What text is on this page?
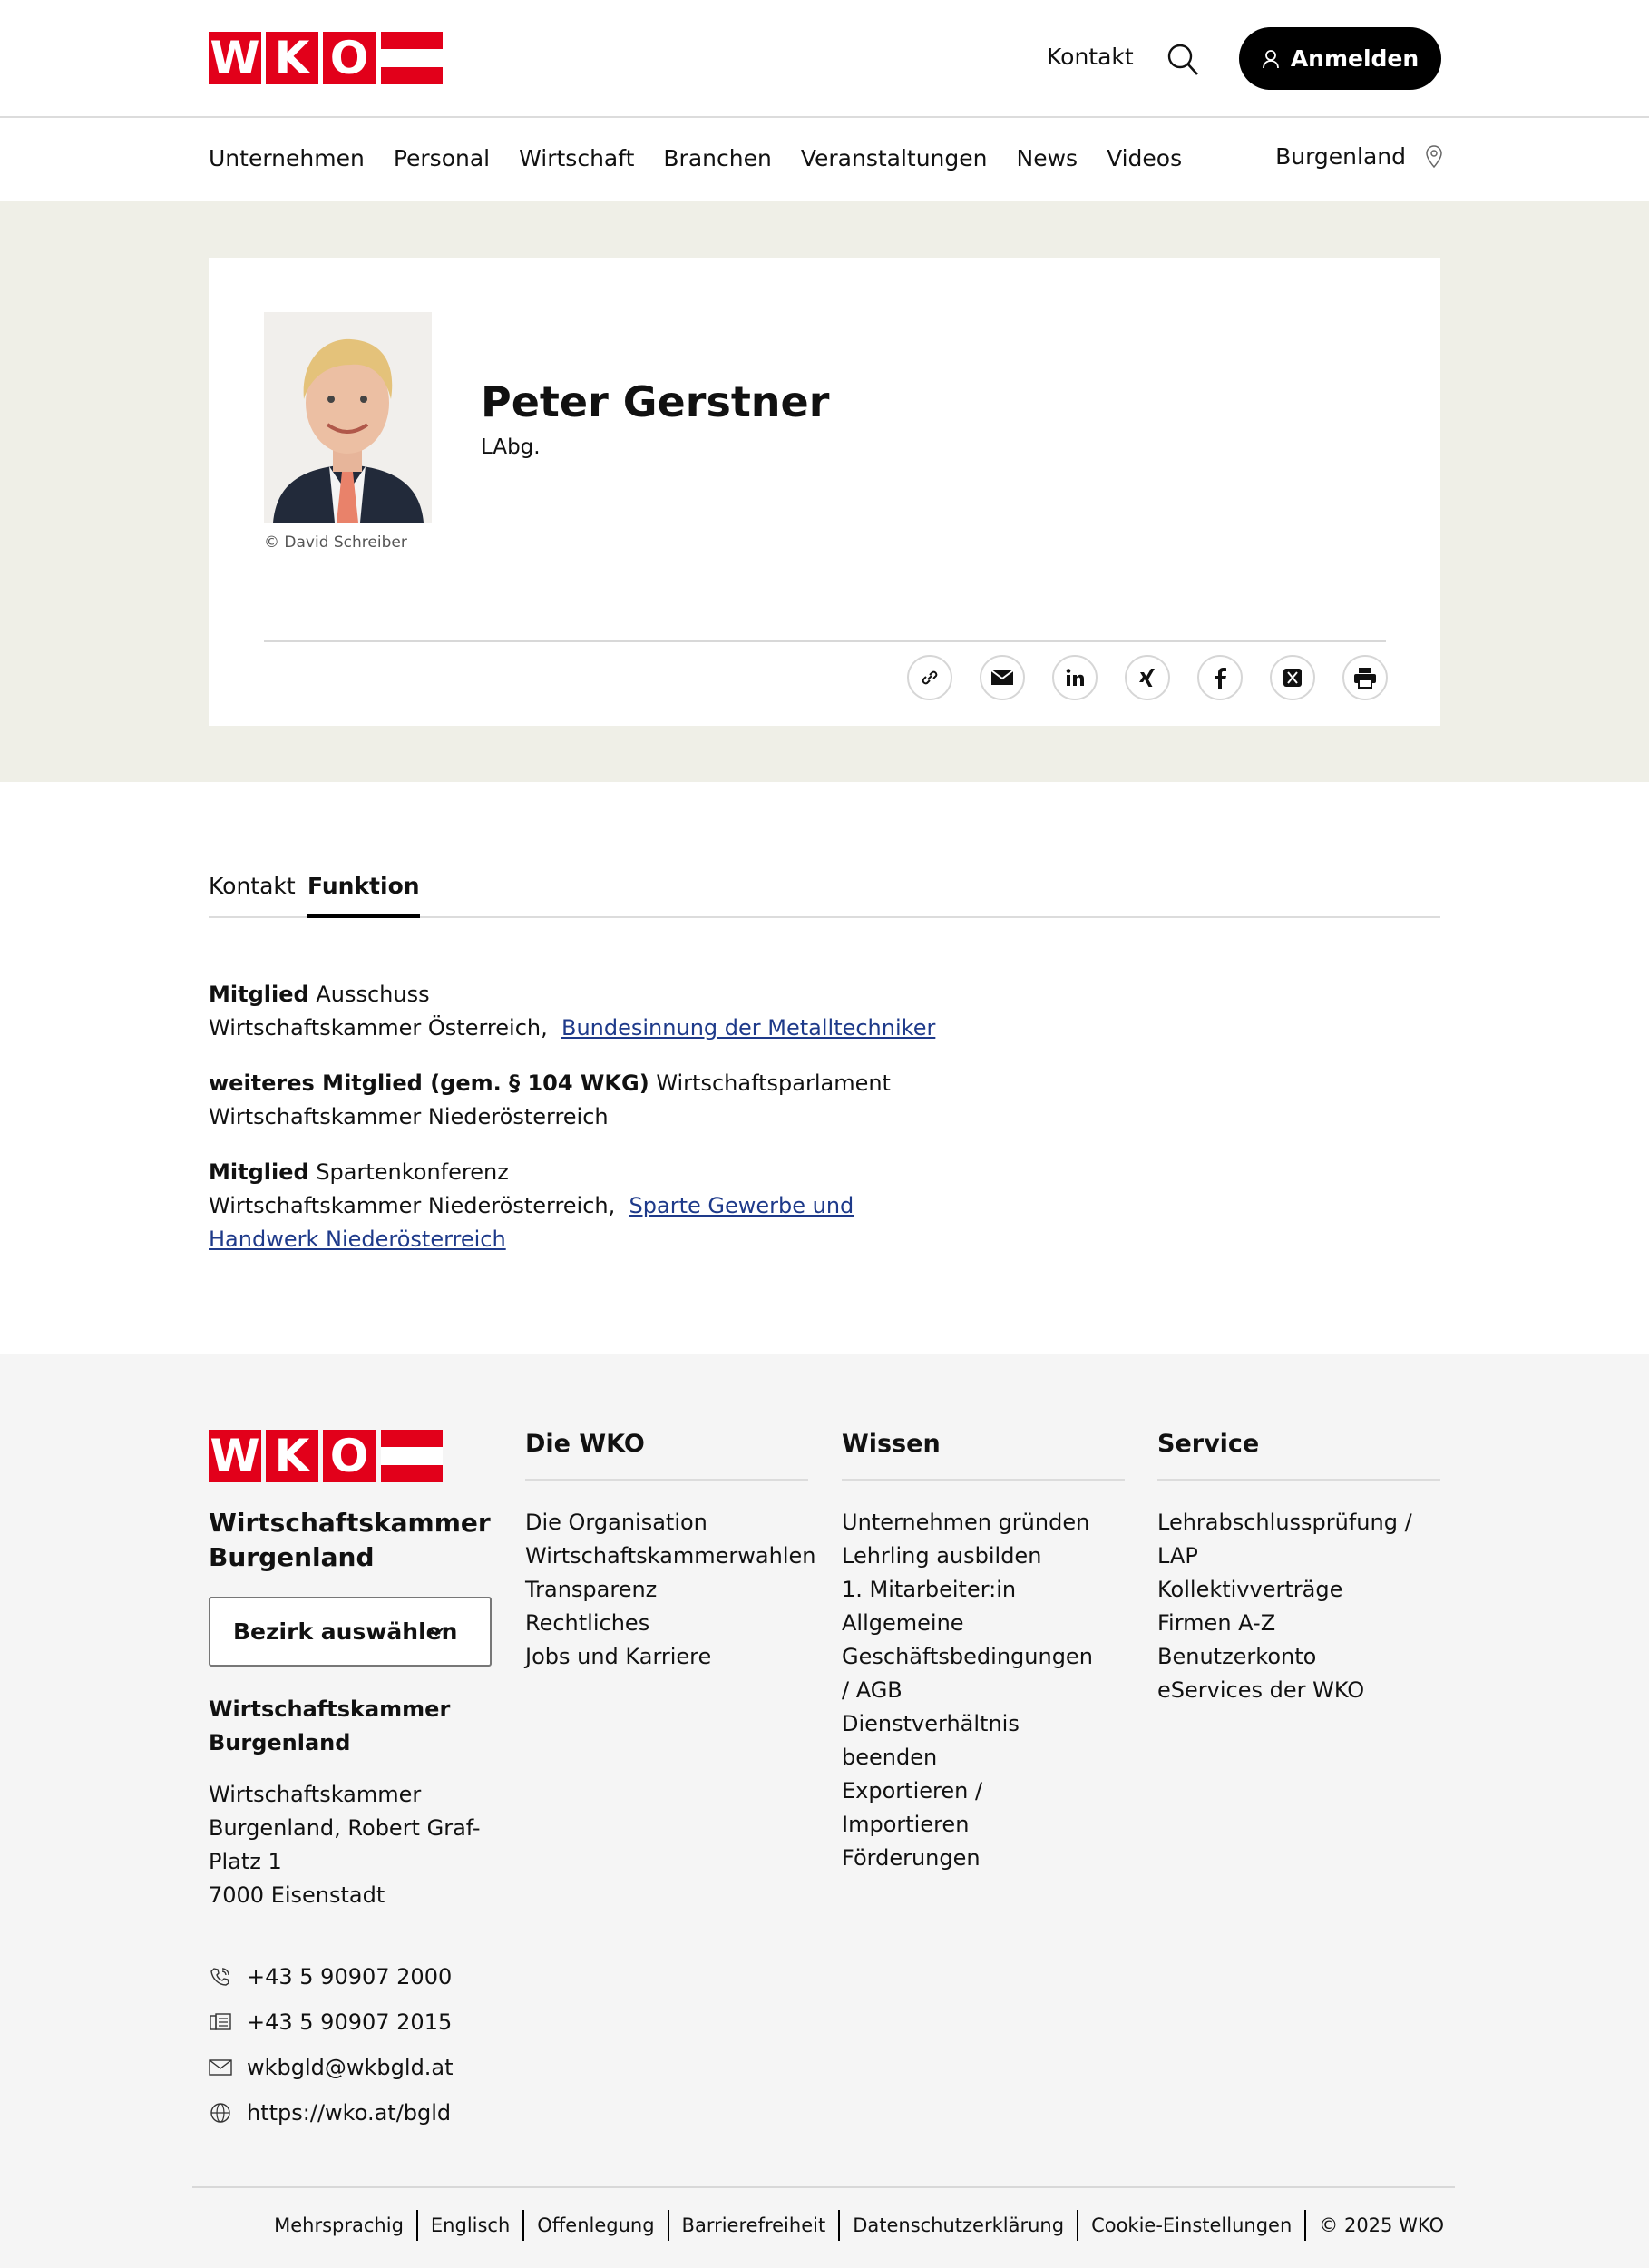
W K O	Kontakt	Anmelden
Unternehmen Personal Wirtschaft Branchen Veranstaltungen News Videos	Burgenland
© David Schreiber
Peter Gerstner
LAbg.
Kontakt Funktion
Mitglied Ausschuss
Wirtschaftskammer Österreich, Bundesinnung der Metalltechniker
weiteres Mitglied (gem. § 104 WKG) Wirtschaftsparlament
Wirtschaftskammer Niederösterreich
Mitglied Spartenkonferenz
Wirtschaftskammer Niederösterreich, Sparte Gewerbe und Handwerk Niederösterreich
W K O
Wirtschaftskammer Burgenland
Bezirk auswählen
Wirtschaftskammer Burgenland
Wirtschaftskammer
Burgenland, Robert Graf-
Platz 1
7000 Eisenstadt
+43 5 90907 2000
+43 5 90907 2015
wkbgld@wkbgld.at
https://wko.at/bgld
Die WKO
Die Organisation
Wirtschaftskammerwahlen
Transparenz
Rechtliches
Jobs und Karriere
Wissen
Unternehmen gründen
Lehrling ausbilden
1. Mitarbeiter:in
Allgemeine Geschäftsbedingungen / AGB
Dienstverhältnis beenden
Exportieren / Importieren
Förderungen
Service
Lehrabschlussprüfung / LAP
Kollektivverträge
Firmen A-Z
Benutzerkonto
eServices der WKO
Mehrsprachig	Englisch	Offenlegung	Barrierefreiheit	Datenschutzerklärung	Cookie-Einstellungen	© 2025 WKO
